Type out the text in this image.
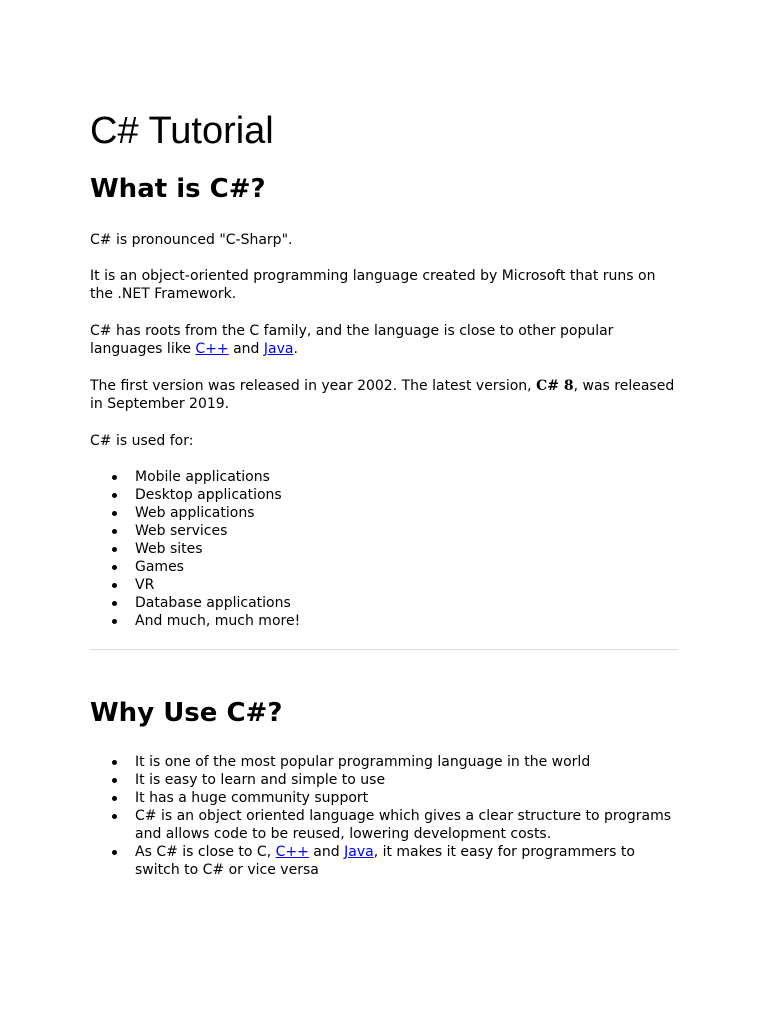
C# Tutorial
What is C#?

C# is pronounced "C-Sharp".

It is an object-oriented programming language created by Microsoft that runs on the .NET Framework.

C# has roots from the C family, and the language is close to other popular languages like C++ and Java.

The first version was released in year 2002. The latest version, C# 8, was released in September 2019.

C# is used for:

Mobile applications
Desktop applications
Web applications
Web services
Web sites
Games
VR
Database applications
And much, much more!
Why Use C#?
It is one of the most popular programming language in the world
It is easy to learn and simple to use
It has a huge community support
C# is an object oriented language which gives a clear structure to programs and allows code to be reused, lowering development costs.
As C# is close to C, C++ and Java, it makes it easy for programmers to switch to C# or vice versa
